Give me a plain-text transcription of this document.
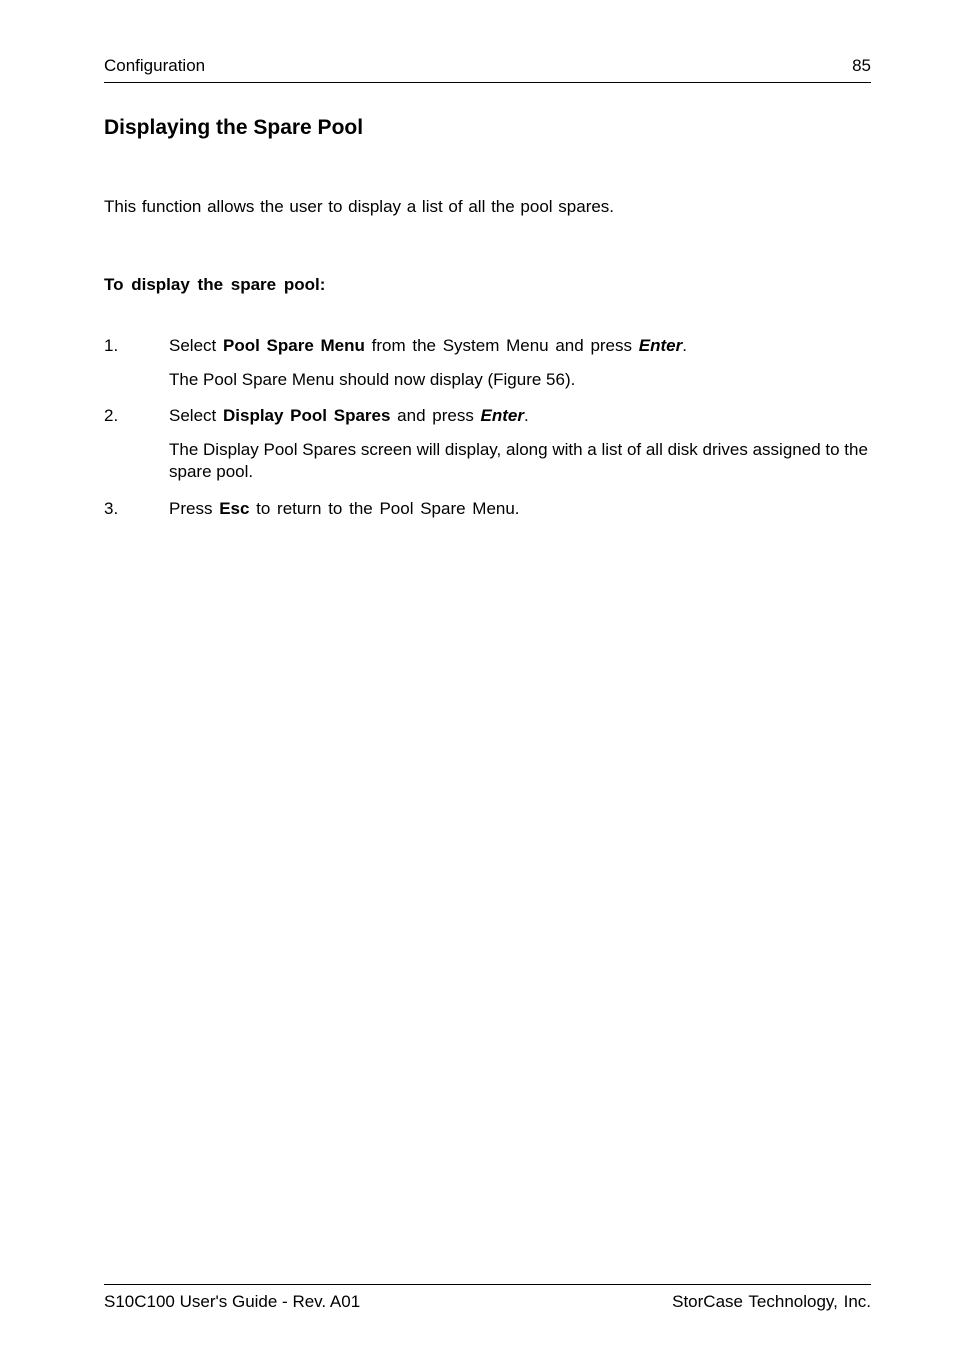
Configuration	85
Displaying the Spare Pool

This function allows the user to display a list of all the pool spares.

To display the spare pool:

1.	Select Pool Spare Menu from the System Menu and press Enter.

The Pool Spare Menu should now display (Figure 56).

2.	Select Display Pool Spares and press Enter.

The Display Pool Spares screen will display, along with a list of all disk drives assigned to the spare pool.

3.	Press Esc to return to the Pool Spare Menu.

S10C100 User's Guide - Rev. A01	StorCase Technology, Inc.
